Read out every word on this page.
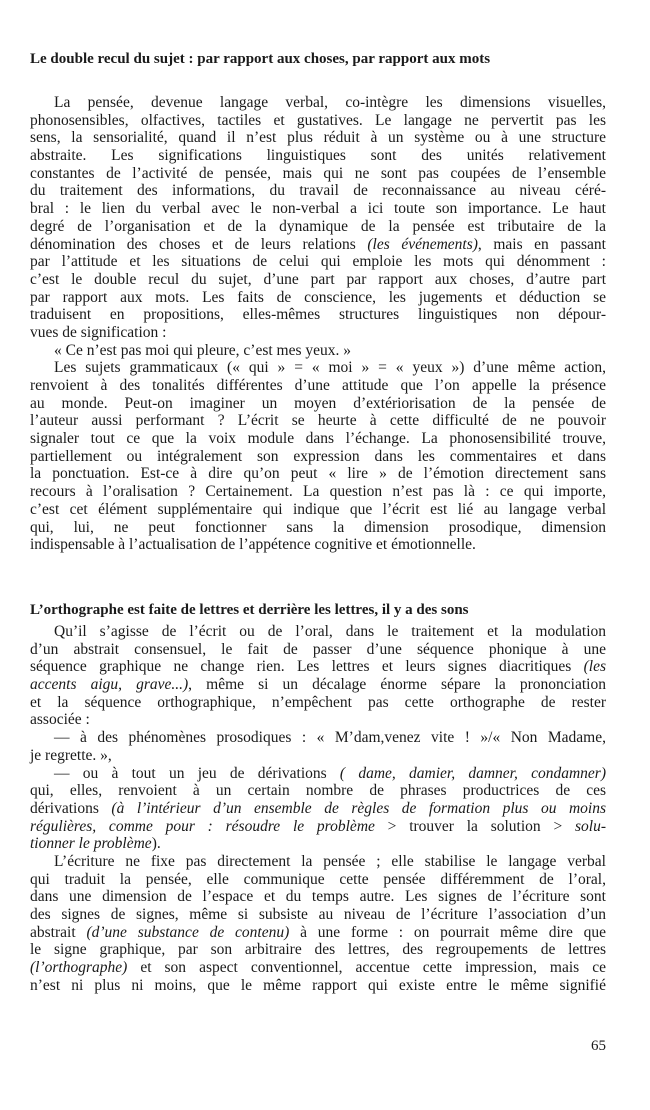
Le double recul du sujet : par rapport aux choses, par rapport aux mots
La pensée, devenue langage verbal, co-intègre les dimensions visuelles,
phonosensibles, olfactives, tactiles et gustatives. Le langage ne pervertit pas les
sens, la sensorialité, quand il n’est plus réduit à un système ou à une structure
abstraite. Les significations linguistiques sont des unités relativement
constantes de l’activité de pensée, mais qui ne sont pas coupées de l’ensemble
du traitement des informations, du travail de reconnaissance au niveau céré-
bral : le lien du verbal avec le non-verbal a ici toute son importance. Le haut
degré de l’organisation et de la dynamique de la pensée est tributaire de la
dénomination des choses et de leurs relations (les événements), mais en passant
par l’attitude et les situations de celui qui emploie les mots qui dénomment :
c’est le double recul du sujet, d’une part par rapport aux choses, d’autre part
par rapport aux mots. Les faits de conscience, les jugements et déduction se
traduisent en propositions, elles-mêmes structures linguistiques non dépour-
vues de signification :
« Ce n’est pas moi qui pleure, c’est mes yeux. »
Les sujets grammaticaux (« qui » = « moi » = « yeux ») d’une même action,
renvoient à des tonalités différentes d’une attitude que l’on appelle la présence
au monde. Peut-on imaginer un moyen d’extériorisation de la pensée de
l’auteur aussi performant ? L’écrit se heurte à cette difficulté de ne pouvoir
signaler tout ce que la voix module dans l’échange. La phonosensibilité trouve,
partiellement ou intégralement son expression dans les commentaires et dans
la ponctuation. Est-ce à dire qu’on peut « lire » de l’émotion directement sans
recours à l’oralisation ? Certainement. La question n’est pas là : ce qui importe,
c’est cet élément supplémentaire qui indique que l’écrit est lié au langage verbal
qui, lui, ne peut fonctionner sans la dimension prosodique, dimension
indispensable à l’actualisation de l’appétence cognitive et émotionnelle.
L’orthographe est faite de lettres et derrière les lettres, il y a des sons
Qu’il s’agisse de l’écrit ou de l’oral, dans le traitement et la modulation
d’un abstrait consensuel, le fait de passer d’une séquence phonique à une
séquence graphique ne change rien. Les lettres et leurs signes diacritiques (les
accents aigu, grave...), même si un décalage énorme sépare la prononciation
et la séquence orthographique, n’empêchent pas cette orthographe de rester
associée :
— à des phénomènes prosodiques : « M’dam,venez vite ! »/« Non Madame,
je regrette. »,
— ou à tout un jeu de dérivations ( dame, damier, damner, condamner)
qui, elles, renvoient à un certain nombre de phrases productrices de ces
dérivations (à l’intérieur d’un ensemble de règles de formation plus ou moins
régulières, comme pour : résoudre le problème > trouver la solution > solu-
tionner le problème).
L’écriture ne fixe pas directement la pensée ; elle stabilise le langage verbal
qui traduit la pensée, elle communique cette pensée différemment de l’oral,
dans une dimension de l’espace et du temps autre. Les signes de l’écriture sont
des signes de signes, même si subsiste au niveau de l’écriture l’association d’un
abstrait (d’une substance de contenu) à une forme : on pourrait même dire que
le signe graphique, par son arbitraire des lettres, des regroupements de lettres
(l’orthographe) et son aspect conventionnel, accentue cette impression, mais ce
n’est ni plus ni moins, que le même rapport qui existe entre le même signifié
65
